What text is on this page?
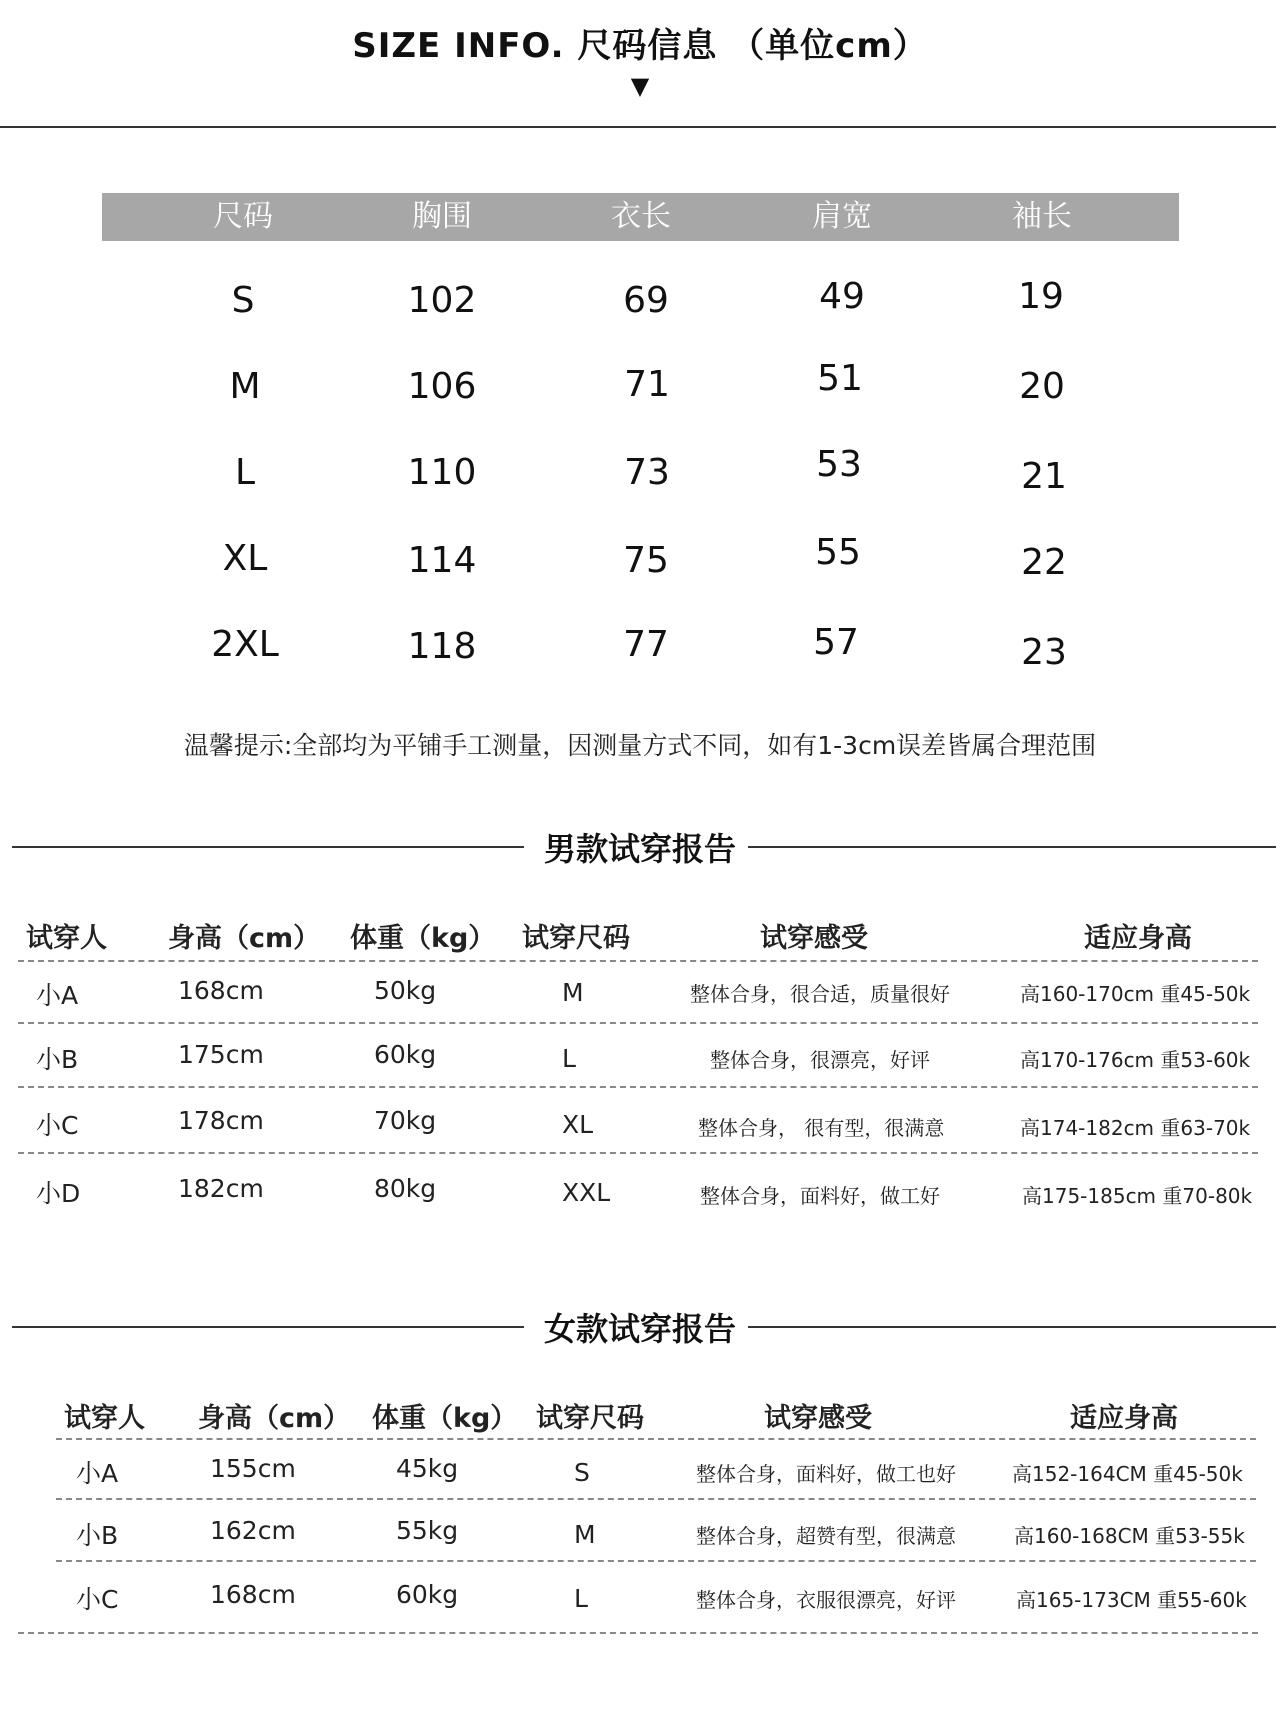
SIZE INFO. 尺码信息 （单位cm）
▼
尺码	胸围	衣长	肩宽	袖长
S	102	69	49	19
M	106	71	51	20
L	110	73	53	21
XL	114	75	55	22
2XL	118	77	57	23
温馨提示:全部均为平铺手工测量，因测量方式不同，如有1-3cm误差皆属合理范围
男款试穿报告
试穿人 身高（cm） 体重（kg） 试穿尺码	试穿感受	适应身高
小A	168cm	50kg	M	整体合身，很合适，质量很好	高160-170cm 重45-50k
小B	175cm	60kg	L	整体合身，很漂亮，好评	高170-176cm 重53-60k
小C	178cm	70kg	XL	整体合身， 很有型，很满意	高174-182cm 重63-70k
小D	182cm	80kg	XXL	整体合身，面料好，做工好	高175-185cm 重70-80k
女款试穿报告
试穿人 身高（cm） 体重（kg） 试穿尺码	试穿感受	适应身高
小A	155cm	45kg	S	整体合身，面料好，做工也好	高152-164CM 重45-50k
小B	162cm	55kg	M	整体合身，超赞有型，很满意	高160-168CM 重53-55k
小C	168cm	60kg	L	整体合身，衣服很漂亮，好评	高165-173CM 重55-60k
